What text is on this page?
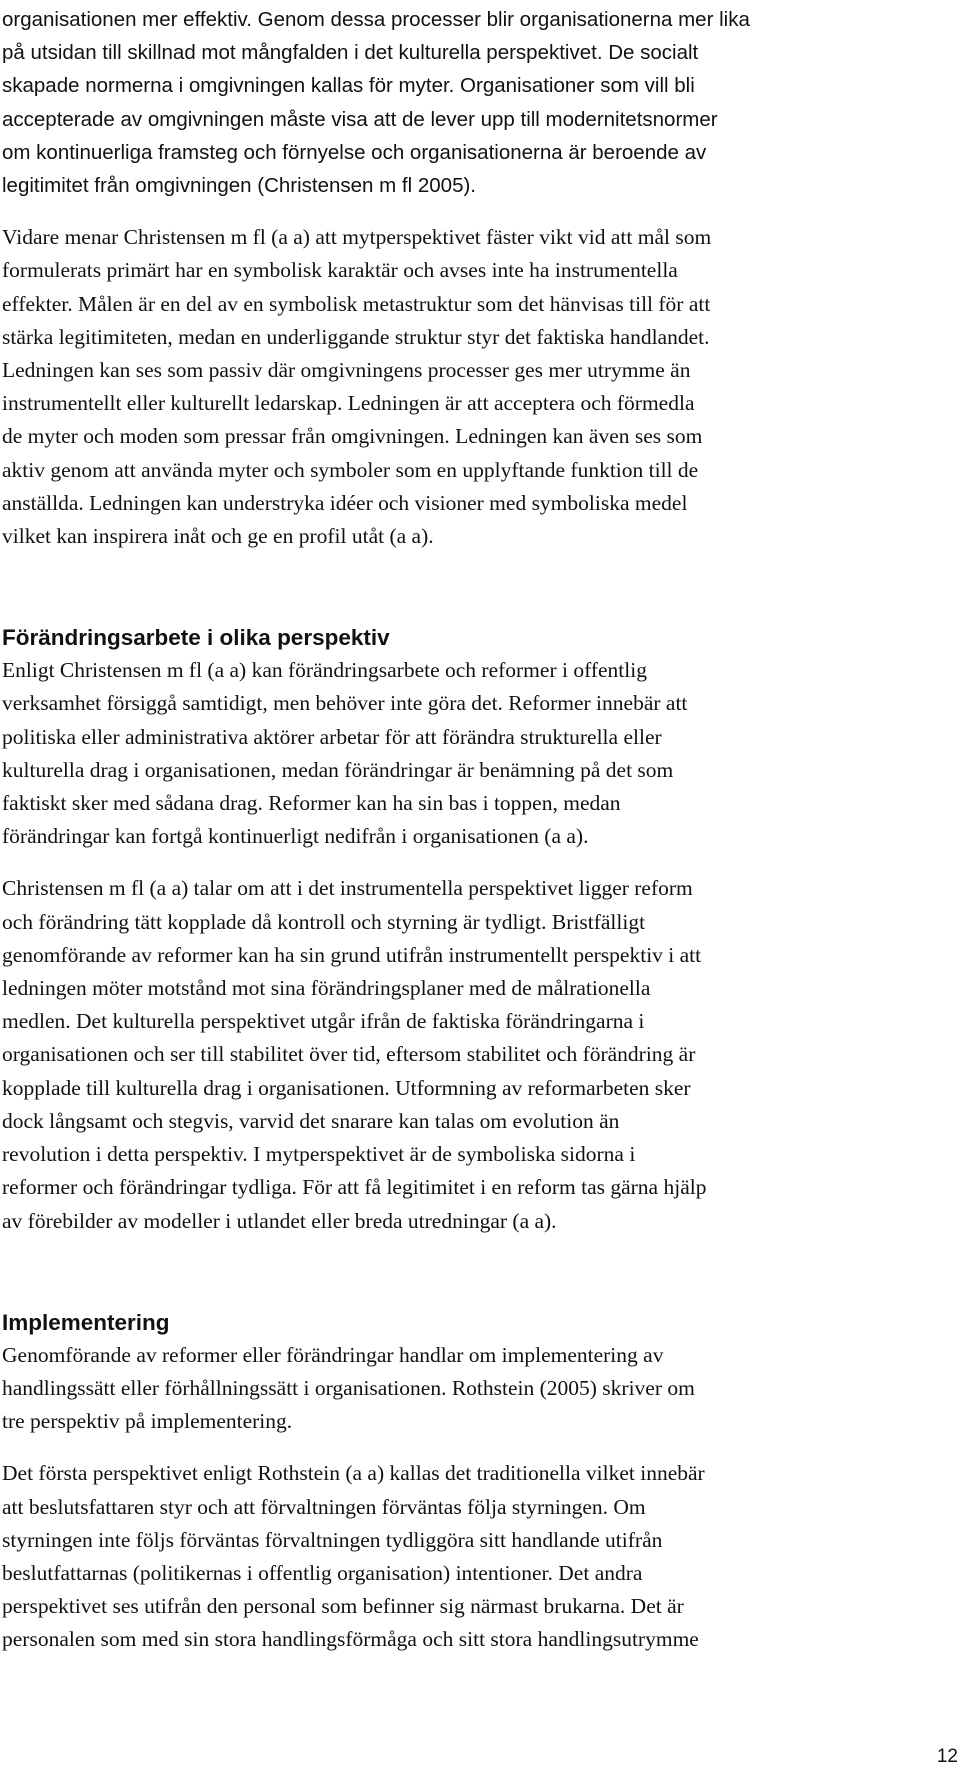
organisationen mer effektiv. Genom dessa processer blir organisationerna mer lika
på utsidan till skillnad mot mångfalden i det kulturella perspektivet. De socialt
skapade normerna i omgivningen kallas för myter. Organisationer som vill bli
accepterade av omgivningen måste visa att de lever upp till modernitetsnormer
om kontinuerliga framsteg och förnyelse och organisationerna är beroende av
legitimitet från omgivningen (Christensen m fl 2005).

Vidare menar Christensen m fl (a a) att mytperspektivet fäster vikt vid att mål som
formulerats primärt har en symbolisk karaktär och avses inte ha instrumentella
effekter. Målen är en del av en symbolisk metastruktur som det hänvisas till för att
stärka legitimiteten, medan en underliggande struktur styr det faktiska handlandet.
Ledningen kan ses som passiv där omgivningens processer ges mer utrymme än
instrumentellt eller kulturellt ledarskap. Ledningen är att acceptera och förmedla
de myter och moden som pressar från omgivningen. Ledningen kan även ses som
aktiv genom att använda myter och symboler som en upplyftande funktion till de
anställda. Ledningen kan understryka idéer och visioner med symboliska medel
vilket kan inspirera inåt och ge en profil utåt (a a).

Förändringsarbete i olika perspektiv

Enligt Christensen m fl (a a) kan förändringsarbete och reformer i offentlig
verksamhet försiggå samtidigt, men behöver inte göra det. Reformer innebär att
politiska eller administrativa aktörer arbetar för att förändra strukturella eller
kulturella drag i organisationen, medan förändringar är benämning på det som
faktiskt sker med sådana drag. Reformer kan ha sin bas i toppen, medan
förändringar kan fortgå kontinuerligt nedifrån i organisationen (a a).

Christensen m fl (a a) talar om att i det instrumentella perspektivet ligger reform
och förändring tätt kopplade då kontroll och styrning är tydligt. Bristfälligt
genomförande av reformer kan ha sin grund utifrån instrumentellt perspektiv i att
ledningen möter motstånd mot sina förändringsplaner med de målrationella
medlen. Det kulturella perspektivet utgår ifrån de faktiska förändringarna i
organisationen och ser till stabilitet över tid, eftersom stabilitet och förändring är
kopplade till kulturella drag i organisationen. Utformning av reformarbeten sker
dock långsamt och stegvis, varvid det snarare kan talas om evolution än
revolution i detta perspektiv. I mytperspektivet är de symboliska sidorna i
reformer och förändringar tydliga. För att få legitimitet i en reform tas gärna hjälp
av förebilder av modeller i utlandet eller breda utredningar (a a).

Implementering

Genomförande av reformer eller förändringar handlar om implementering av
handlingssätt eller förhållningssätt i organisationen. Rothstein (2005) skriver om
tre perspektiv på implementering.

Det första perspektivet enligt Rothstein (a a) kallas det traditionella vilket innebär
att beslutsfattaren styr och att förvaltningen förväntas följa styrningen. Om
styrningen inte följs förväntas förvaltningen tydliggöra sitt handlande utifrån
beslutfattarnas (politikernas i offentlig organisation) intentioner. Det andra
perspektivet ses utifrån den personal som befinner sig närmast brukarna. Det är
personalen som med sin stora handlingsförmåga och sitt stora handlingsutrymme

12
